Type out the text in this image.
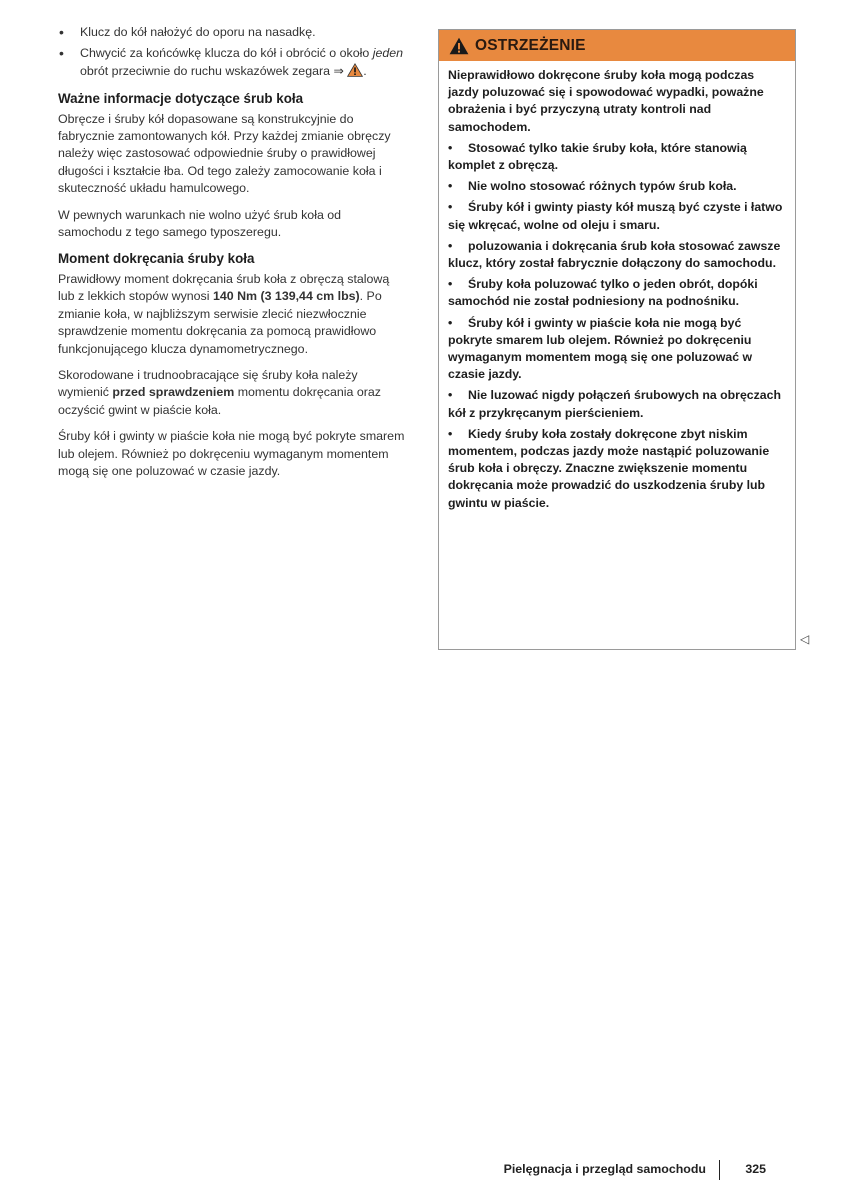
• Klucz do kół nałożyć do oporu na nasadkę.
• Chwycić za końcówkę klucza do kół i obrócić o około jeden obrót przeciwnie do ruchu wskazówek zegara ⇒ .
Ważne informacje dotyczące śrub koła

Obręcze i śruby kół dopasowane są konstrukcyjnie do fabrycznie zamontowanych kół. Przy każdej zmianie obręczy należy więc zastosować odpowiednie śruby o prawidłowej długości i kształcie łba. Od tego zależy zamocowanie koła i skuteczność układu hamulcowego.

W pewnych warunkach nie wolno użyć śrub koła od samochodu z tego samego typoszeregu.

Moment dokręcania śruby koła

Prawidłowy moment dokręcania śrub koła z obręczą stalową lub z lekkich stopów wynosi 140 Nm (3 139,44 cm lbs). Po zmianie koła, w najbliższym serwisie zlecić niezwłocznie sprawdzenie momentu dokręcania za pomocą prawidłowo funkcjonującego klucza dynamometrycznego.

Skorodowane i trudnoobracające się śruby koła należy wymienić przed sprawdzeniem momentu dokręcania oraz oczyścić gwint w piaście koła.

Śruby kół i gwinty w piaście koła nie mogą być pokryte smarem lub olejem. Również po dokręceniu wymaganym momentem mogą się one poluzować w czasie jazdy.

OSTRZEŻENIE

Nieprawidłowo dokręcone śruby koła mogą podczas jazdy poluzować się i spowodować wypadki, poważne obrażenia i być przyczyną utraty kontroli nad samochodem.

• Stosować tylko takie śruby koła, które stanowią komplet z obręczą.
• Nie wolno stosować różnych typów śrub koła.
• Śruby kół i gwinty piasty kół muszą być czyste i łatwo się wkręcać, wolne od oleju i smaru.
• poluzowania i dokręcania śrub koła stosować zawsze klucz, który został fabrycznie dołączony do samochodu.
• Śruby koła poluzować tylko o jeden obrót, dopóki samochód nie został podniesiony na podnośniku.
• Śruby kół i gwinty w piaście koła nie mogą być pokryte smarem lub olejem. Również po dokręceniu wymaganym momentem mogą się one poluzować w czasie jazdy.
• Nie luzować nigdy połączeń śrubowych na obręczach kół z przykręcanym pierścieniem.
• Kiedy śruby koła zostały dokręcone zbyt niskim momentem, podczas jazdy może nastąpić poluzowanie śrub koła i obręczy. Znaczne zwiększenie momentu dokręcania może prowadzić do uszkodzenia śruby lub gwintu w piaście.
◁
Pielęgnacja i przegląd samochodu	325
